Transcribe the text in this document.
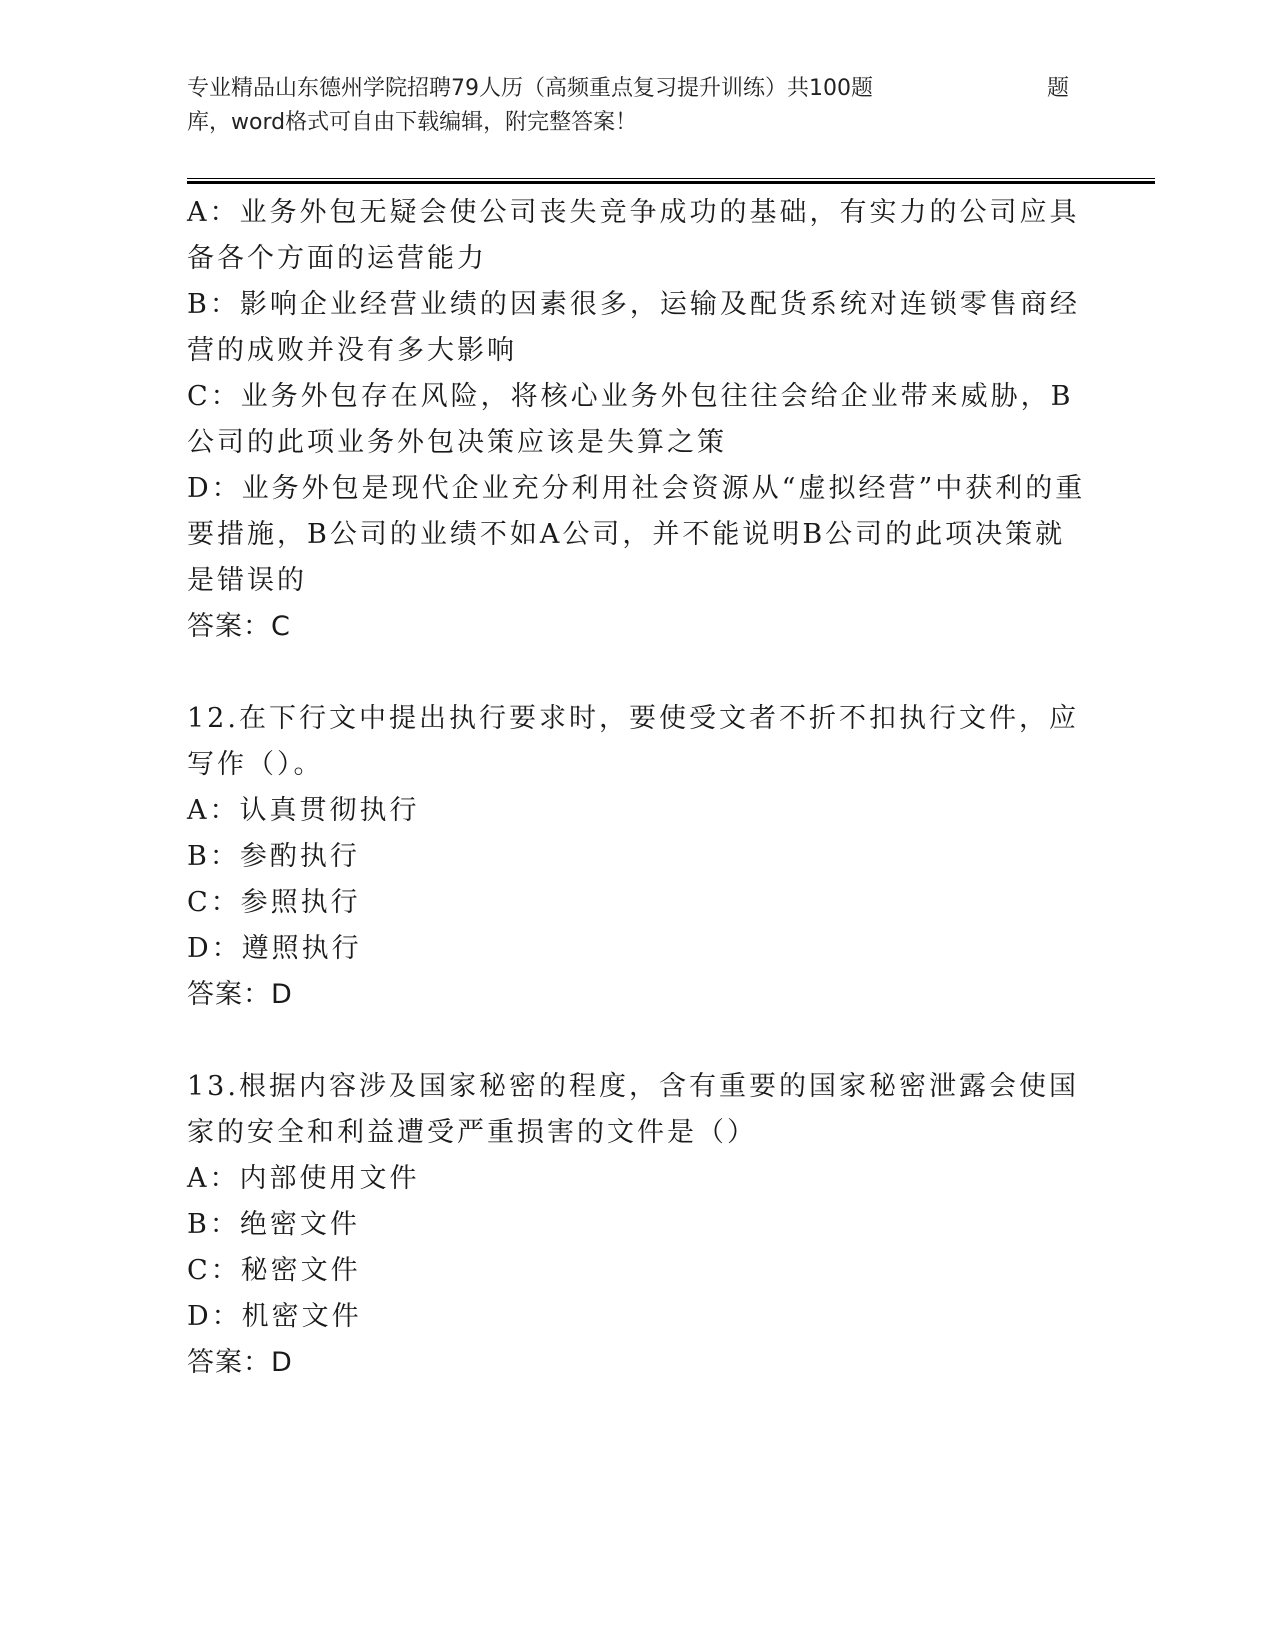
专业精品山东德州学院招聘79人历（高频重点复习提升训练）共100题	题
库，word格式可自由下载编辑，附完整答案！

A：业务外包无疑会使公司丧失竞争成功的基础，有实力的公司应具备各个方面的运营能力

B：影响企业经营业绩的因素很多，运输及配货系统对连锁零售商经营的成败并没有多大影响

C：业务外包存在风险，将核心业务外包往往会给企业带来威胁，B公司的此项业务外包决策应该是失算之策

D：业务外包是现代企业充分利用社会资源从“虚拟经营”中获利的重要措施，B公司的业绩不如A公司，并不能说明B公司的此项决策就是错误的

答案：C

12.在下行文中提出执行要求时，要使受文者不折不扣执行文件，应写作（）。

A：认真贯彻执行

B：参酌执行

C：参照执行

D：遵照执行

答案：D

13.根据内容涉及国家秘密的程度，含有重要的国家秘密泄露会使国家的安全和利益遭受严重损害的文件是（）

A：内部使用文件

B：绝密文件

C：秘密文件

D：机密文件

答案：D
